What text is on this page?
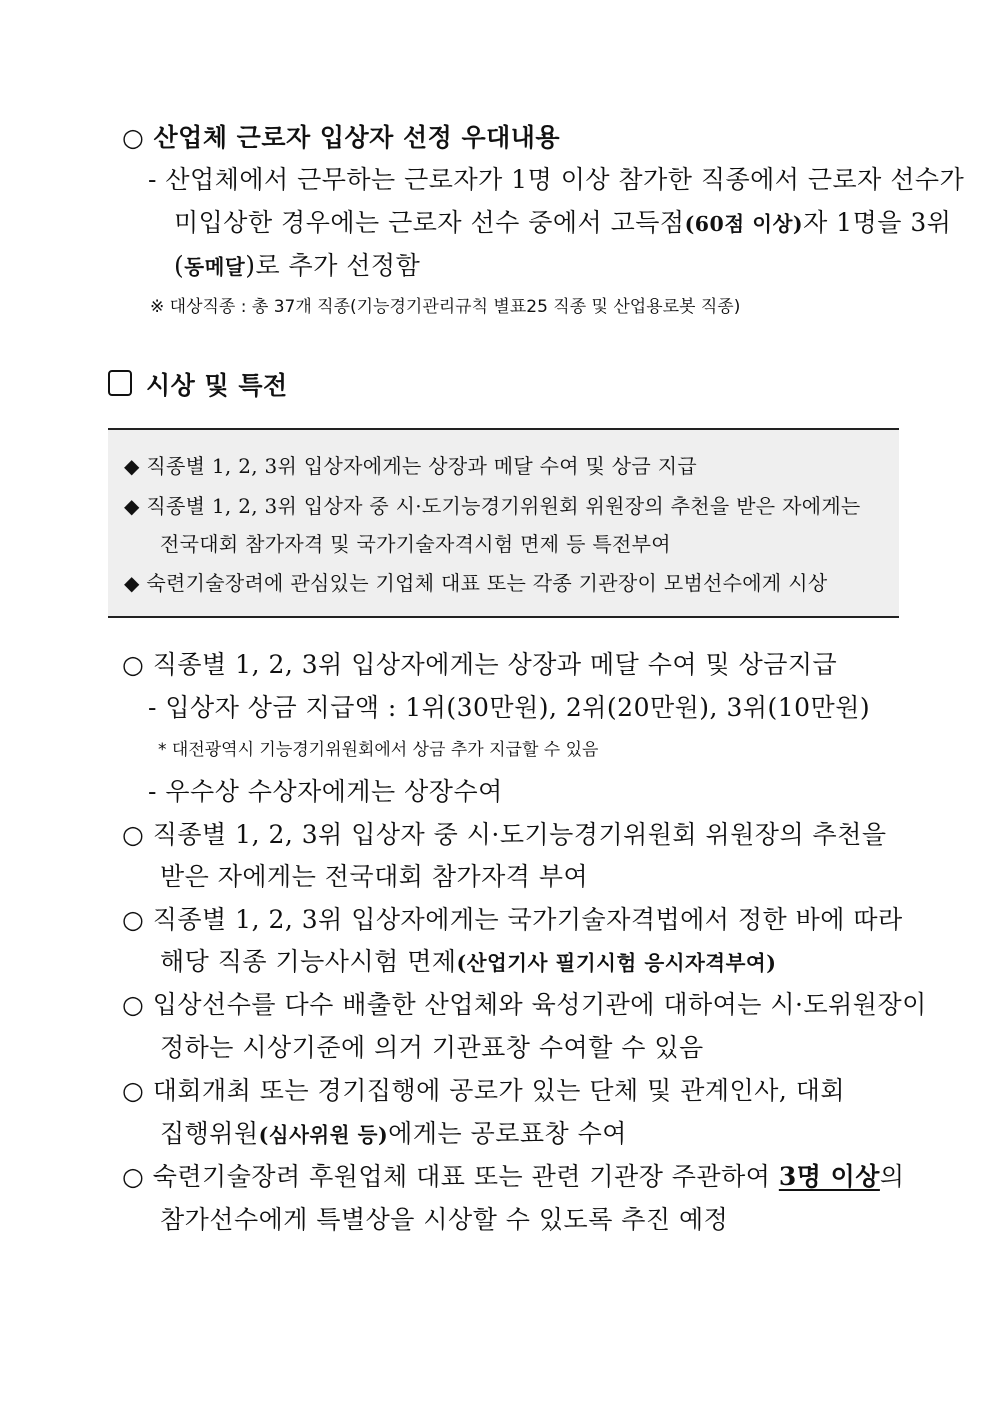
○ 산업체 근로자 입상자 선정 우대내용
- 산업체에서 근무하는 근로자가 1명 이상 참가한 직종에서 근로자 선수가
미입상한 경우에는 근로자 선수 중에서 고득점(60점 이상)자 1명을 3위
(동메달)로 추가 선정함
※ 대상직종 : 총 37개 직종(기능경기관리규칙 별표25 직종 및 산업용로봇 직종)
시상 및 특전
◆ 직종별 1, 2, 3위 입상자에게는 상장과 메달 수여 및 상금 지급
◆ 직종별 1, 2, 3위 입상자 중 시·도기능경기위원회 위원장의 추천을 받은 자에게는
전국대회 참가자격 및 국가기술자격시험 면제 등 특전부여
◆ 숙련기술장려에 관심있는 기업체 대표 또는 각종 기관장이 모범선수에게 시상
○ 직종별 1, 2, 3위 입상자에게는 상장과 메달 수여 및 상금지급
- 입상자 상금 지급액 : 1위(30만원), 2위(20만원), 3위(10만원)
* 대전광역시 기능경기위원회에서 상금 추가 지급할 수 있음
- 우수상 수상자에게는 상장수여
○ 직종별 1, 2, 3위 입상자 중 시·도기능경기위원회 위원장의 추천을
받은 자에게는 전국대회 참가자격 부여
○ 직종별 1, 2, 3위 입상자에게는 국가기술자격법에서 정한 바에 따라
해당 직종 기능사시험 면제(산업기사 필기시험 응시자격부여)
○ 입상선수를 다수 배출한 산업체와 육성기관에 대하여는 시·도위원장이
정하는 시상기준에 의거 기관표창 수여할 수 있음
○ 대회개최 또는 경기집행에 공로가 있는 단체 및 관계인사, 대회
집행위원(심사위원 등)에게는 공로표창 수여
○ 숙련기술장려 후원업체 대표 또는 관련 기관장 주관하여 3명 이상의
참가선수에게 특별상을 시상할 수 있도록 추진 예정
